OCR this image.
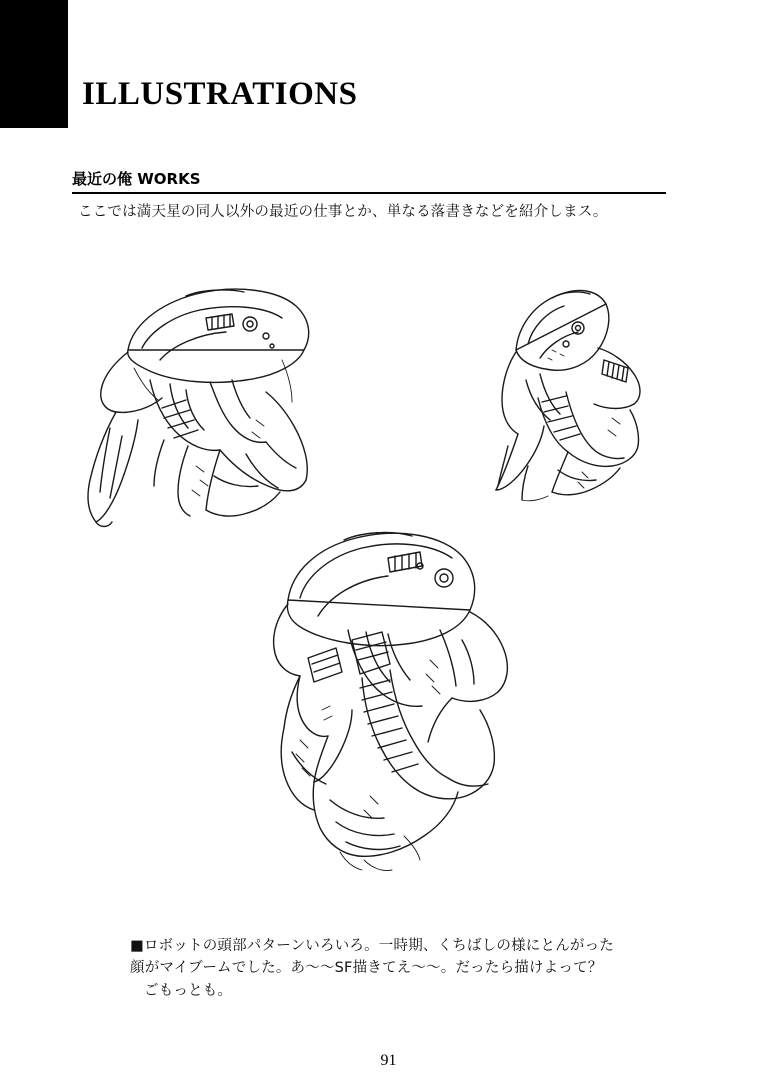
ILLUSTRATIONS
最近の俺 WORKS
ここでは満天星の同人以外の最近の仕事とか、単なる落書きなどを紹介しまス。
■ロボットの頭部パターンいろいろ。一時期、くちばしの様にとんがった
顔がマイブームでした。あ〜〜SF描きてえ〜〜。だったら描けよって？
ごもっとも。
91
